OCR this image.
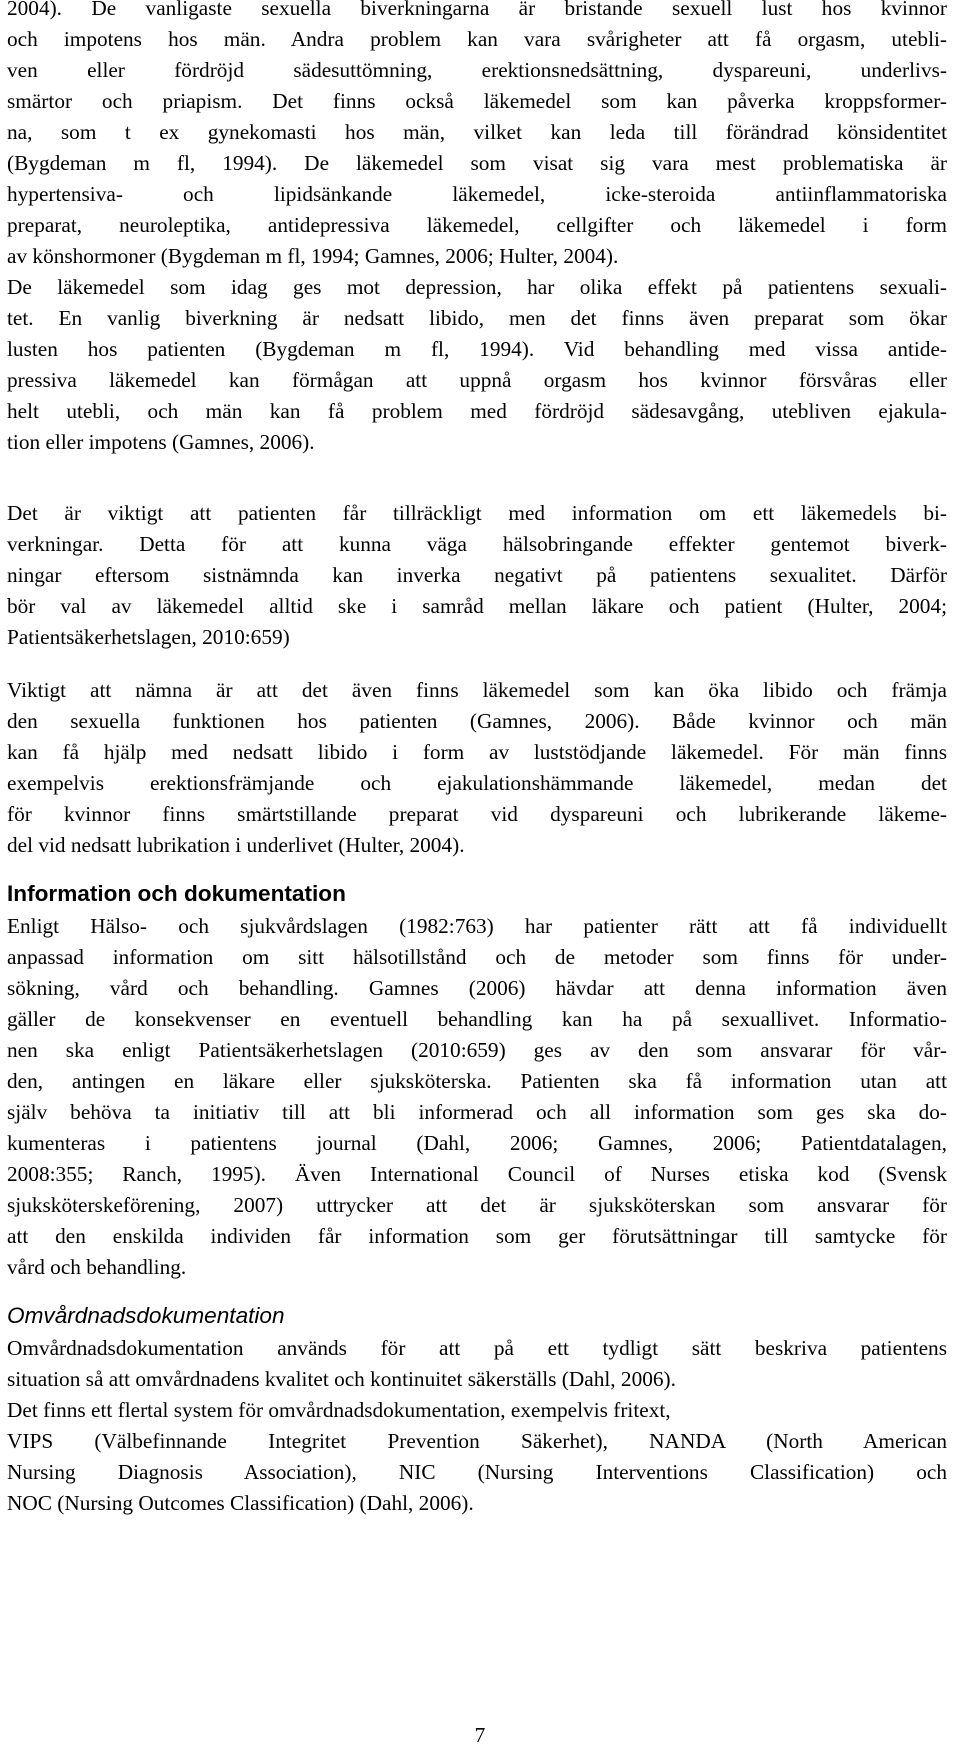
2004). De vanligaste sexuella biverkningarna är bristande sexuell lust hos kvinnor
och impotens hos män. Andra problem kan vara svårigheter att få orgasm, utebli-
ven eller fördröjd sädesuttömning, erektionsnedsättning, dyspareuni, underlivs-
smärtor och priapism. Det finns också läkemedel som kan påverka kroppsformer-
na, som t ex gynekomasti hos män, vilket kan leda till förändrad könsidentitet
(Bygdeman m fl, 1994). De läkemedel som visat sig vara mest problematiska är
hypertensiva- och lipidsänkande läkemedel, icke-steroida antiinflammatoriska
preparat, neuroleptika, antidepressiva läkemedel, cellgifter och läkemedel i form
av könshormoner (Bygdeman m fl, 1994; Gamnes, 2006; Hulter, 2004).
De läkemedel som idag ges mot depression, har olika effekt på patientens sexuali-
tet. En vanlig biverkning är nedsatt libido, men det finns även preparat som ökar
lusten hos patienten (Bygdeman m fl, 1994). Vid behandling med vissa antide-
pressiva läkemedel kan förmågan att uppnå orgasm hos kvinnor försvåras eller
helt utebli, och män kan få problem med fördröjd sädesavgång, utebliven ejakula-
tion eller impotens (Gamnes, 2006).
Det är viktigt att patienten får tillräckligt med information om ett läkemedels bi-
verkningar. Detta för att kunna väga hälsobringande effekter gentemot biverk-
ningar eftersom sistnämnda kan inverka negativt på patientens sexualitet. Därför
bör val av läkemedel alltid ske i samråd mellan läkare och patient (Hulter, 2004;
Patientsäkerhetslagen, 2010:659)
Viktigt att nämna är att det även finns läkemedel som kan öka libido och främja
den sexuella funktionen hos patienten (Gamnes, 2006). Både kvinnor och män
kan få hjälp med nedsatt libido i form av luststödjande läkemedel. För män finns
exempelvis erektionsfrämjande och ejakulationshämmande läkemedel, medan det
för kvinnor finns smärtstillande preparat vid dyspareuni och lubrikerande läkeme-
del vid nedsatt lubrikation i underlivet (Hulter, 2004).
Information och dokumentation
Enligt Hälso- och sjukvårdslagen (1982:763) har patienter rätt att få individuellt
anpassad information om sitt hälsotillstånd och de metoder som finns för under-
sökning, vård och behandling. Gamnes (2006) hävdar att denna information även
gäller de konsekvenser en eventuell behandling kan ha på sexuallivet. Informatio-
nen ska enligt Patientsäkerhetslagen (2010:659) ges av den som ansvarar för vår-
den, antingen en läkare eller sjuksköterska. Patienten ska få information utan att
själv behöva ta initiativ till att bli informerad och all information som ges ska do-
kumenteras i patientens journal (Dahl, 2006; Gamnes, 2006; Patientdatalagen,
2008:355; Ranch, 1995). Även International Council of Nurses etiska kod (Svensk
sjuksköterskeförening, 2007) uttrycker att det är sjuksköterskan som ansvarar för
att den enskilda individen får information som ger förutsättningar till samtycke för
vård och behandling.
Omvårdnadsdokumentation
Omvårdnadsdokumentation används för att på ett tydligt sätt beskriva patientens
situation så att omvårdnadens kvalitet och kontinuitet säkerställs (Dahl, 2006).
Det finns ett flertal system för omvårdnadsdokumentation, exempelvis fritext,
VIPS (Välbefinnande Integritet Prevention Säkerhet), NANDA (North American
Nursing Diagnosis Association), NIC (Nursing Interventions Classification) och
NOC (Nursing Outcomes Classification) (Dahl, 2006).
7
